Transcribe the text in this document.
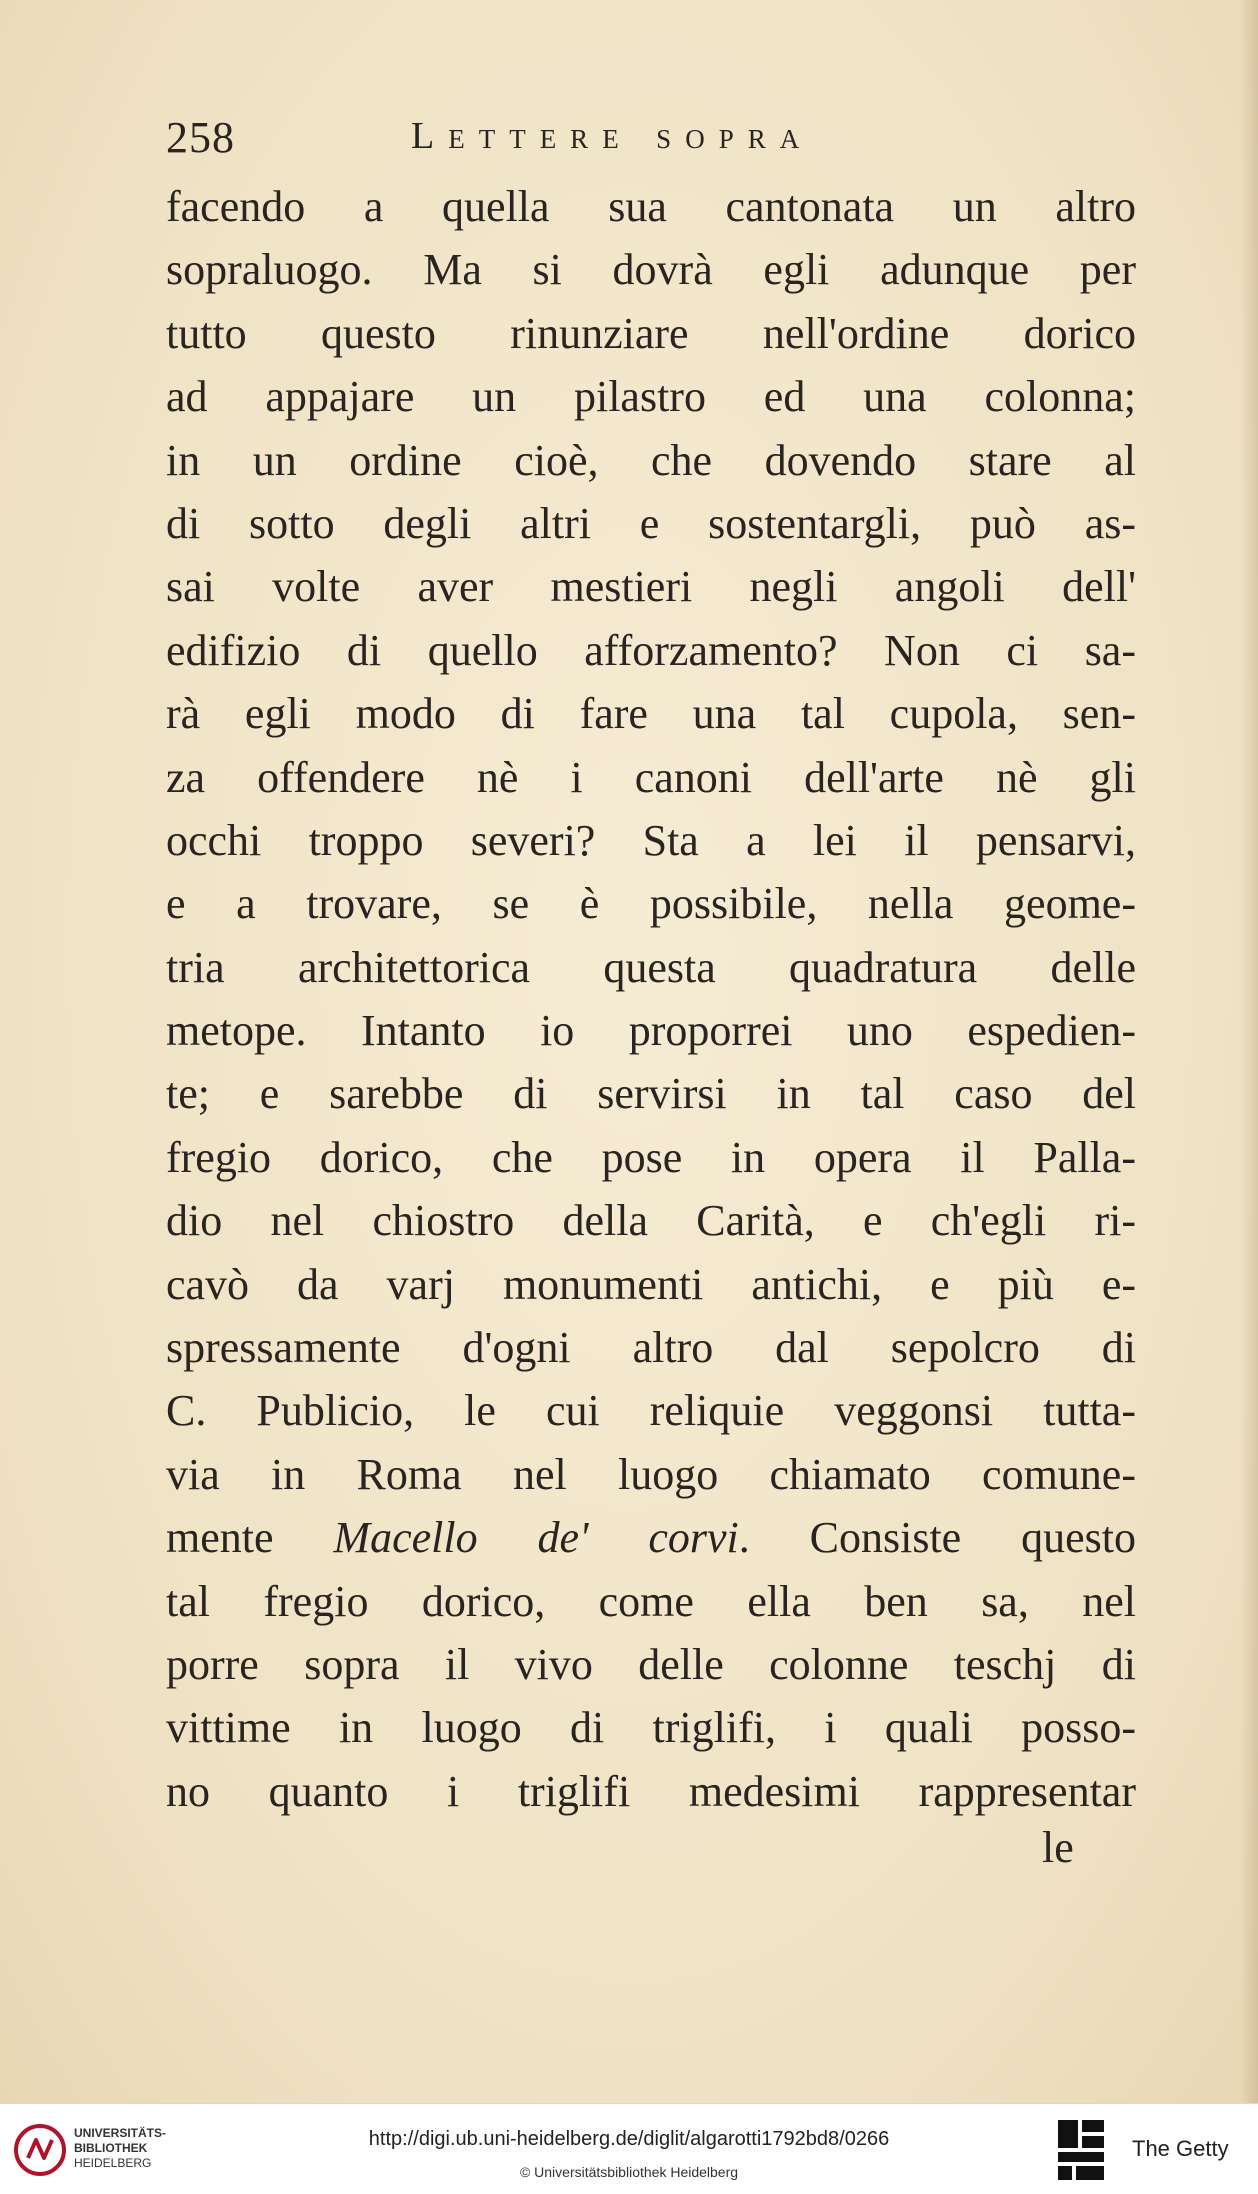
258	Lettere sopra
facendo a quella sua cantonata un altro
sopraluogo. Ma si dovrà egli adunque per
tutto questo rinunziare nell'ordine dorico
ad appajare un pilastro ed una colonna;
in un ordine cioè, che dovendo stare al
di sotto degli altri e sostentargli, può as-
sai volte aver mestieri negli angoli dell'
edifizio di quello afforzamento? Non ci sa-
rà egli modo di fare una tal cupola, sen-
za offendere nè i canoni dell'arte nè gli
occhi troppo severi? Sta a lei il pensarvi,
e a trovare, se è possibile, nella geome-
tria architettorica questa quadratura delle
metope. Intanto io proporrei uno espedien-
te; e sarebbe di servirsi in tal caso del
fregio dorico, che pose in opera il Palla-
dio nel chiostro della Carità, e ch'egli ri-
cavò da varj monumenti antichi, e più e-
spressamente d'ogni altro dal sepolcro di
C. Publicio, le cui reliquie veggonsi tutta-
via in Roma nel luogo chiamato comune-
mente Macello de' corvi. Consiste questo
tal fregio dorico, come ella ben sa, nel
porre sopra il vivo delle colonne teschj di
vittime in luogo di triglifi, i quali posso-
no quanto i triglifi medesimi rappresentar
le
UNIVERSITÄTS-
BIBLIOTHEK
HEIDELBERG
http://digi.ub.uni-heidelberg.de/diglit/algarotti1792bd8/0266
© Universitätsbibliothek Heidelberg
The Getty
